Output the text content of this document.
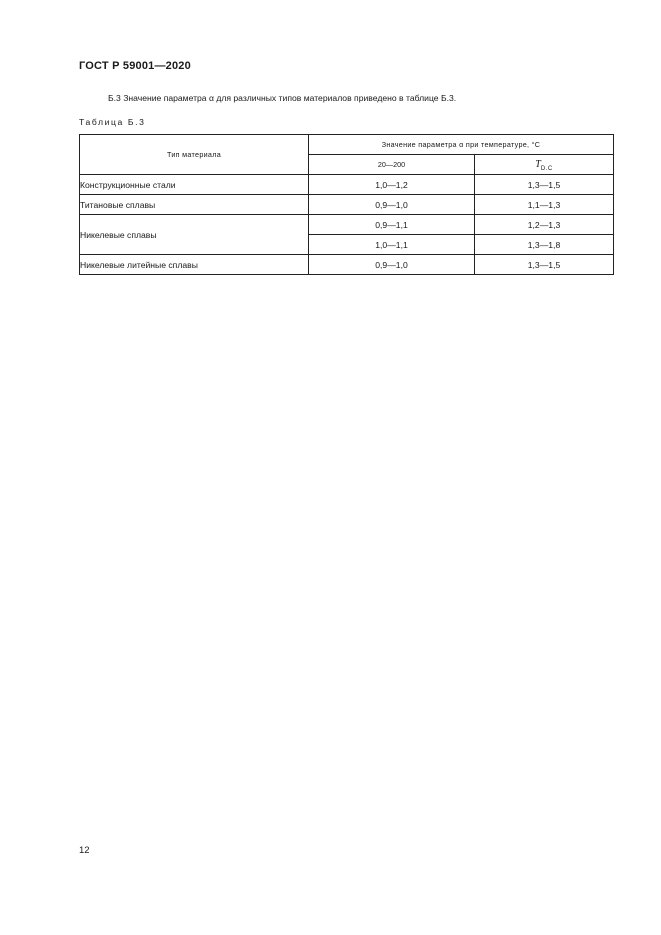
ГОСТ Р 59001—2020
Б.3 Значение параметра α для различных типов материалов приведено в таблице Б.3.
Таблица Б.3
Тип материала	Значение параметра α при температуре, °С	
	20—200	$T_{D.C}$
Конструкционные стали	1,0—1,2	1,3—1,5
Титановые сплавы	0,9—1,0	1,1—1,3
Никелевые сплавы	0,9—1,1	1,2—1,3
	1,0—1,1	1,3—1,8
Никелевые литейные сплавы	0,9—1,0	1,3—1,5
12
